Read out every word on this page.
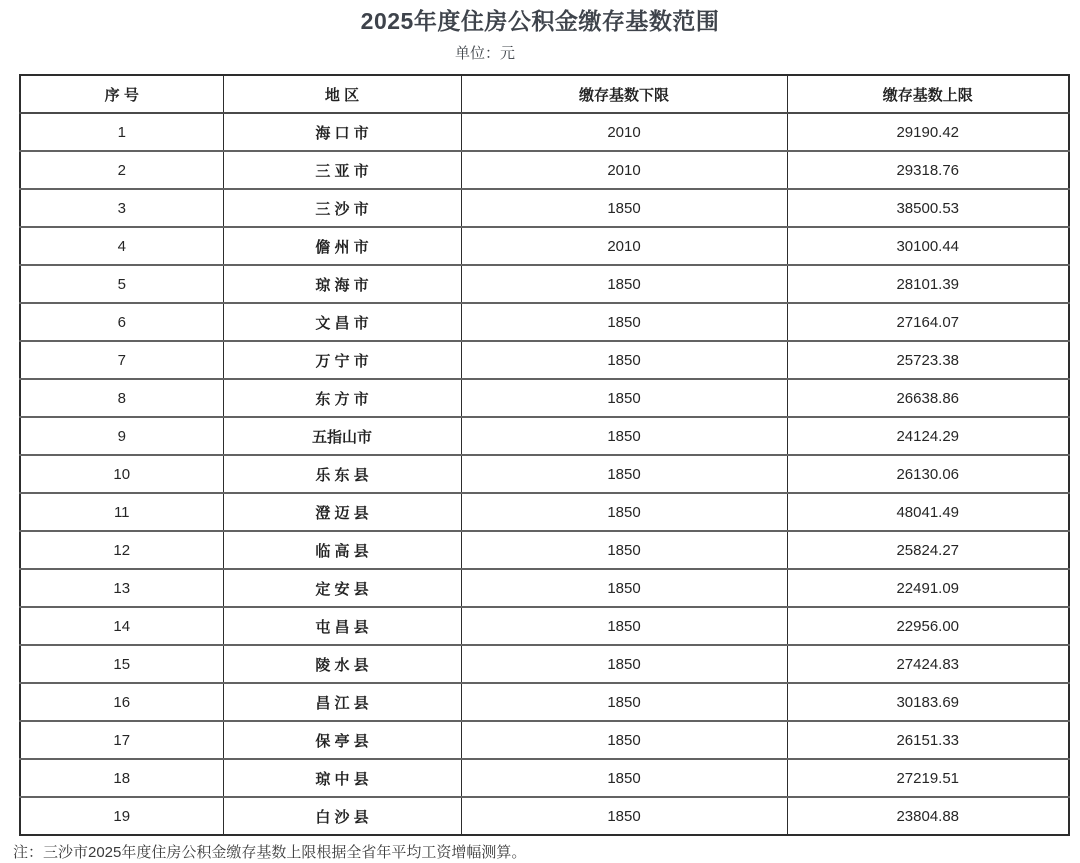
2025年度住房公积金缴存基数范围
单位：元
序 号	地 区	缴存基数下限	缴存基数上限
1	海 口 市	2010	29190.42
2	三 亚 市	2010	29318.76
3	三 沙 市	1850	38500.53
4	儋 州 市	2010	30100.44
5	琼 海 市	1850	28101.39
6	文 昌 市	1850	27164.07
7	万 宁 市	1850	25723.38
8	东 方 市	1850	26638.86
9	五指山市	1850	24124.29
10	乐 东 县	1850	26130.06
11	澄 迈 县	1850	48041.49
12	临 高 县	1850	25824.27
13	定 安 县	1850	22491.09
14	屯 昌 县	1850	22956.00
15	陵 水 县	1850	27424.83
16	昌 江 县	1850	30183.69
17	保 亭 县	1850	26151.33
18	琼 中 县	1850	27219.51
19	白 沙 县	1850	23804.88
注：三沙市2025年度住房公积金缴存基数上限根据全省年平均工资增幅测算。
